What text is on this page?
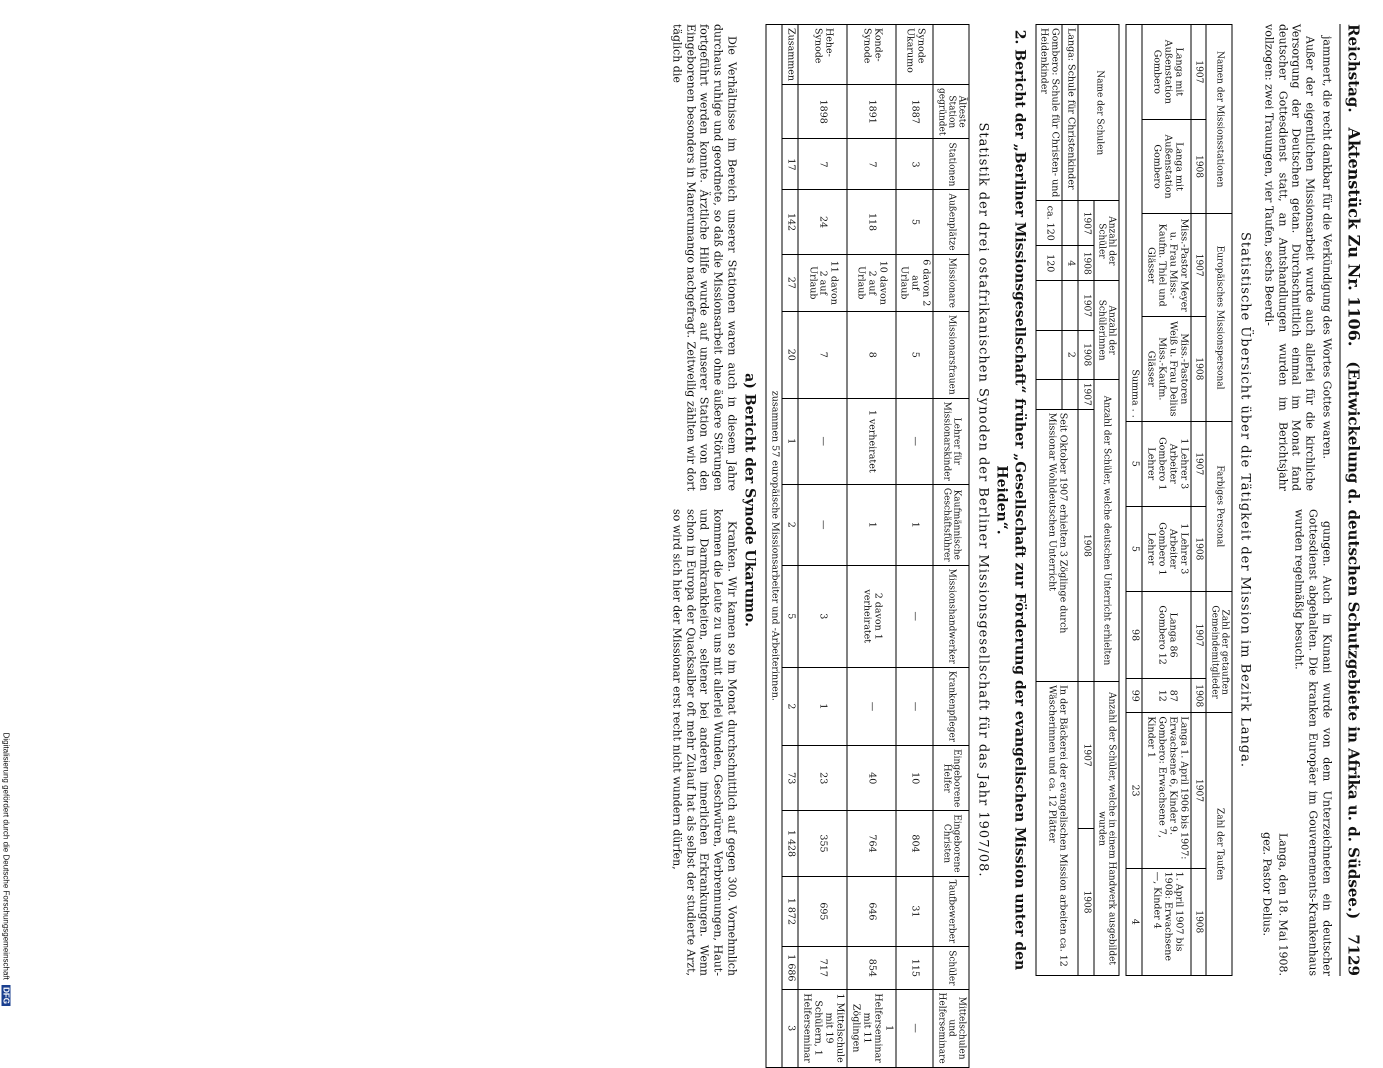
Reichstag.
Aktenstück Zu Nr. 1106.
(Entwickelung d. deutschen Schutzgebiete in Afrika u. d. Südsee.)
7129

jammert, die recht dankbar für die Verkündigung des Wortes Gottes waren.

Außer der eigentlichen Missionsarbeit wurde auch allerlei für die kirchliche Versorgung der Deutschen getan. Durchschnittlich einmal im Monat fand deutscher Gottesdienst statt, an Amtshandlungen wurden im Berichtsjahr vollzogen: zwei Trauungen, vier Taufen, sechs Beerdi-

gungen. Auch in Kunani wurde von dem Unterzeichneten ein deutscher Gottesdienst abgehalten. Die kranken Europäer im Gouvernements-Krankenhaus wurden regelmäßig besucht.

Langa, den 18. Mai 1908.
gez. Pastor Delius.
Statistische Übersicht über die Tätigkeit der Mission im Bezirk Langa.
Namen der Missionsstationen		Europäisches Missionspersonal		Farbiges Personal		Zahl der getauften Gemeindemitglieder		Zahl der Taufen	
1907	1908	1907	1908	1907	1908	1907	1908	1907	1908
Langa mit Außenstation Gombero	Langa mit Außenstation Gombero	Miss.-Pastor Meyer u. Frau Miss.-Kaufm. Thiel und Glässer	Miss.-Pastoren Weiß u. Frau Delius Miss.-Kaufm. Glässer	1 Lehrer 3 Arbeiter Gombero 1 Lehrer	1 Lehrer 3 Arbeiter Gombero 1 Lehrer	Langa 86 Gombero 12	87 12	Langa 1. April 1906 bis 1907: Erwachsene 6, Kinder 9. Gombero: Erwachsene 7, Kinder 1	1. April 1907 bis 1908: Erwachsene —, Kinder 4
Summa . .				5	5	98	99	23	4
Name der Schulen	Anzahl der Schüler		Anzahl der Schülerinnen		Anzahl der Schüler, welche deutschen Unterricht erhielten		Anzahl der Schüler, welche in einem Handwerk ausgebildet wurden	
	1907	1908	1907	1908	1907	1908	1907	1908
Langa: Schule für Christenkinder		4		2		Seit Oktober 1907 erhielten 3 Zöglinge durch Missionar Wohldeutschen Unterricht	In der Bäckerei der evangelischen Mission arbeiten ca. 12 Wäscherinnen und ca. 12 Plätter	
Gombero: Schule für Christen- und Heidenkinder	ca. 120	120						
2. Bericht der „Berliner Missionsgesellschaft“ früher „Gesellschaft zur Förderung der evangelischen Mission unter den Heiden“.
Statistik der drei ostafrikanischen Synoden der Berliner Missionsgesellschaft für das Jahr 1907/08.
	Älteste Station gegründet	Stationen	Außenplätze	Missionare	Missionarsfrauen	Lehrer für Missionarskinder	Kaufmännische Geschäftsführer	Missionshandwerker	Krankenpfleger	Eingeborene Helfer	Eingeborene Christen	Taufbewerber	Schüler	Mittelschulen und Helferseminare
Synode Ukarumo	1887	3	5	6 davon 2 auf Urlaub	5	—	1	—	—	10	804	31	115	—
Konde-Synode	1891	7	118	10 davon 2 auf Urlaub	8	1 verheiratet	1	2 davon 1 verheiratet	—	40	764	646	854	1 Helferseminar mit 11 Zöglingen
Hehe-Synode	1898	7	24	11 davon 2 auf Urlaub	7	—	—	3	1	23	355	695	717	1 Mittelschule mit 19 Schülern, 1 Helferseminar
Zusammen		17	142	27	20	1	2	5	2	73	1 428	1 872	1 686	3
zusammen 57 europäische Missionsarbeiter und -Arbeiterinnen.														
a) Bericht der Synode Ukarumo.

Die Verhältnisse im Bereich unserer Stationen waren auch in diesem Jahre durchaus ruhige und geordnete, so daß die Missionsarbeit ohne äußere Störungen fortgeführt werden konnte. Ärztliche Hilfe wurde auf unserer Station von den Eingeborenen besonders in Manerumango nachgefragt. Zeitweilig zählten wir dort täglich die

Kranken. Wir kamen so im Monat durchschnittlich auf gegen 300. Vornehmlich kommen die Leute zu uns mit allerlei Wunden, Geschwüren, Verbrennungen, Haut- und Darmkrankheiten, seltener bei anderen innerlichen Erkrankungen. Wenn schon in Europa der Quacksalber oft mehr Zulauf hat als selbst der studierte Arzt, so wird sich hier der Missionar erst recht nicht wundern dürfen,

Digitalisierung gefördert durch die Deutsche Forschungsgemeinschaft DFG
